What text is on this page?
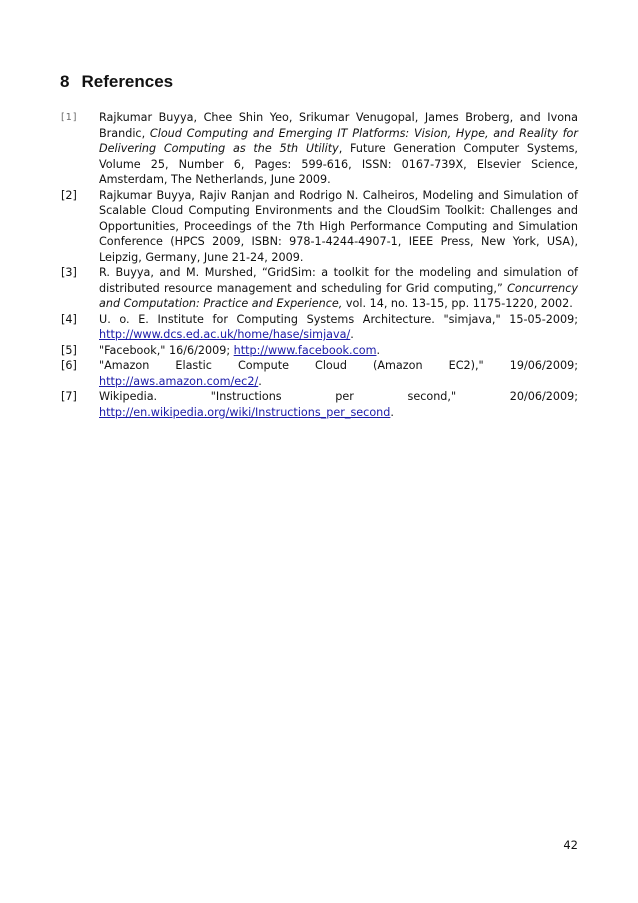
8 References
[1] Rajkumar Buyya, Chee Shin Yeo, Srikumar Venugopal, James Broberg, and Ivona Brandic, Cloud Computing and Emerging IT Platforms: Vision, Hype, and Reality for Delivering Computing as the 5th Utility, Future Generation Computer Systems, Volume 25, Number 6, Pages: 599-616, ISSN: 0167-739X, Elsevier Science, Amsterdam, The Netherlands, June 2009.
[2] Rajkumar Buyya, Rajiv Ranjan and Rodrigo N. Calheiros, Modeling and Simulation of Scalable Cloud Computing Environments and the CloudSim Toolkit: Challenges and Opportunities, Proceedings of the 7th High Performance Computing and Simulation Conference (HPCS 2009, ISBN: 978-1-4244-4907-1, IEEE Press, New York, USA), Leipzig, Germany, June 21-24, 2009.
[3] R. Buyya, and M. Murshed, “GridSim: a toolkit for the modeling and simulation of distributed resource management and scheduling for Grid computing,” Concurrency and Computation: Practice and Experience, vol. 14, no. 13-15, pp. 1175-1220, 2002.
[4] U. o. E. Institute for Computing Systems Architecture. "simjava," 15-05-2009; http://www.dcs.ed.ac.uk/home/hase/simjava/.
[5] "Facebook," 16/6/2009; http://www.facebook.com.
[6] "Amazon Elastic Compute Cloud (Amazon EC2)," 19/06/2009;
http://aws.amazon.com/ec2/.
[7] Wikipedia. "Instructions per second," 20/06/2009;
http://en.wikipedia.org/wiki/Instructions_per_second.
42
